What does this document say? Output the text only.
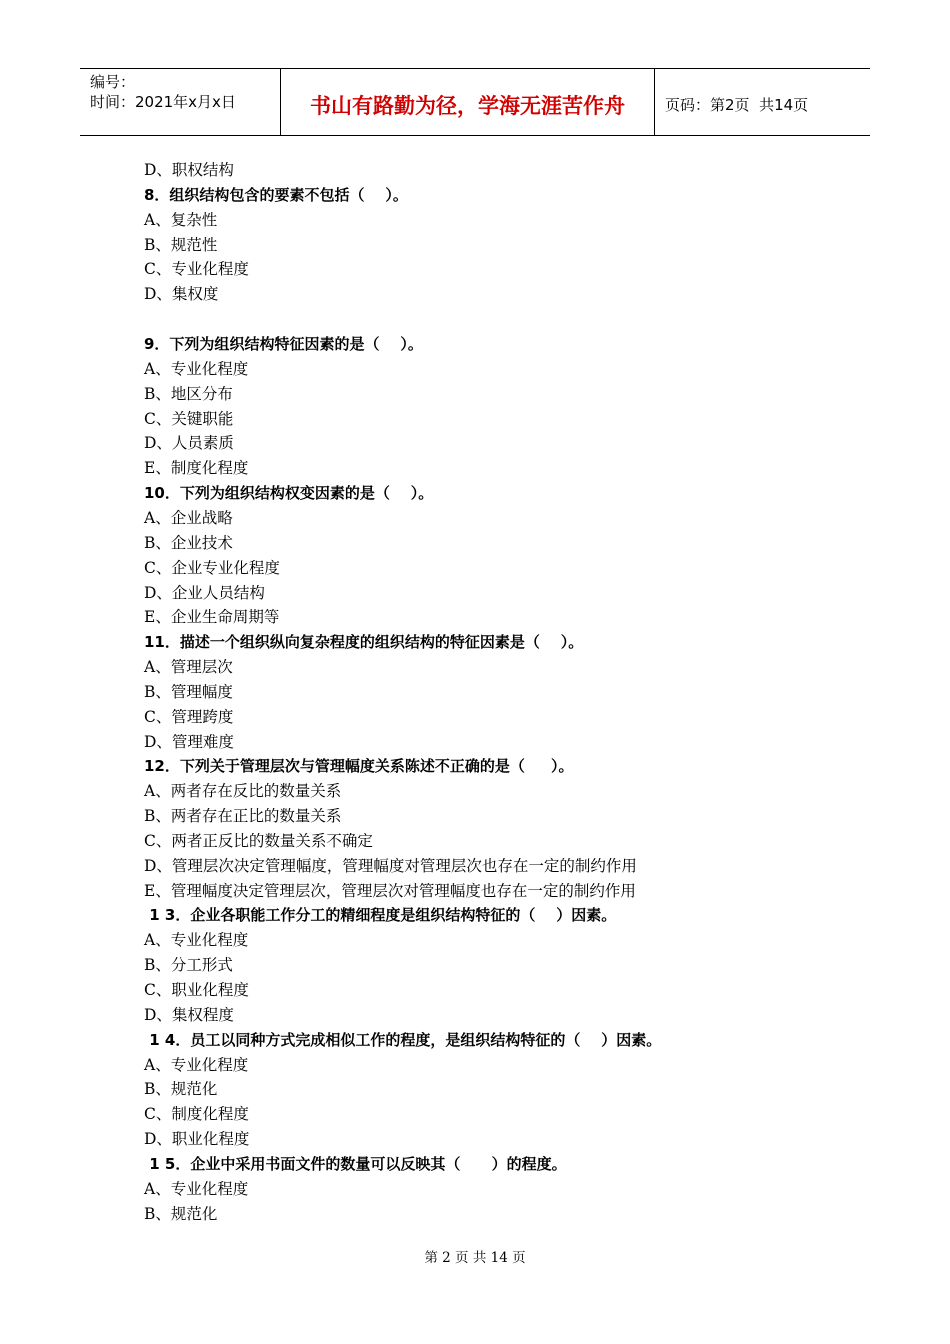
编号：
时间：2021年x月x日	书山有路勤为径，学海无涯苦作舟	页码：第2页  共14页
D、职权结构
8．组织结构包含的要素不包括（    ）。
A、复杂性
B、规范性
C、专业化程度
D、集权度
9．下列为组织结构特征因素的是（    ）。
A、专业化程度
B、地区分布
C、关键职能
D、人员素质
E、制度化程度
10．下列为组织结构权变因素的是（    ）。
A、企业战略
B、企业技术
C、企业专业化程度
D、企业人员结构
E、企业生命周期等
11．描述一个组织纵向复杂程度的组织结构的特征因素是（    ）。
A、管理层次
B、管理幅度
C、管理跨度
D、管理难度
12．下列关于管理层次与管理幅度关系陈述不正确的是（     ）。
A、两者存在反比的数量关系
B、两者存在正比的数量关系
C、两者正反比的数量关系不确定
D、管理层次决定管理幅度，管理幅度对管理层次也存在一定的制约作用
E、管理幅度决定管理层次，管理层次对管理幅度也存在一定的制约作用
1 3．企业各职能工作分工的精细程度是组织结构特征的（    ）因素。
A、专业化程度
B、分工形式
C、职业化程度
D、集权程度
1 4．员工以同种方式完成相似工作的程度，是组织结构特征的（    ）因素。
A、专业化程度
B、规范化
C、制度化程度
D、职业化程度
1 5．企业中采用书面文件的数量可以反映其（      ）的程度。
A、专业化程度
B、规范化
第 2 页 共 14 页
